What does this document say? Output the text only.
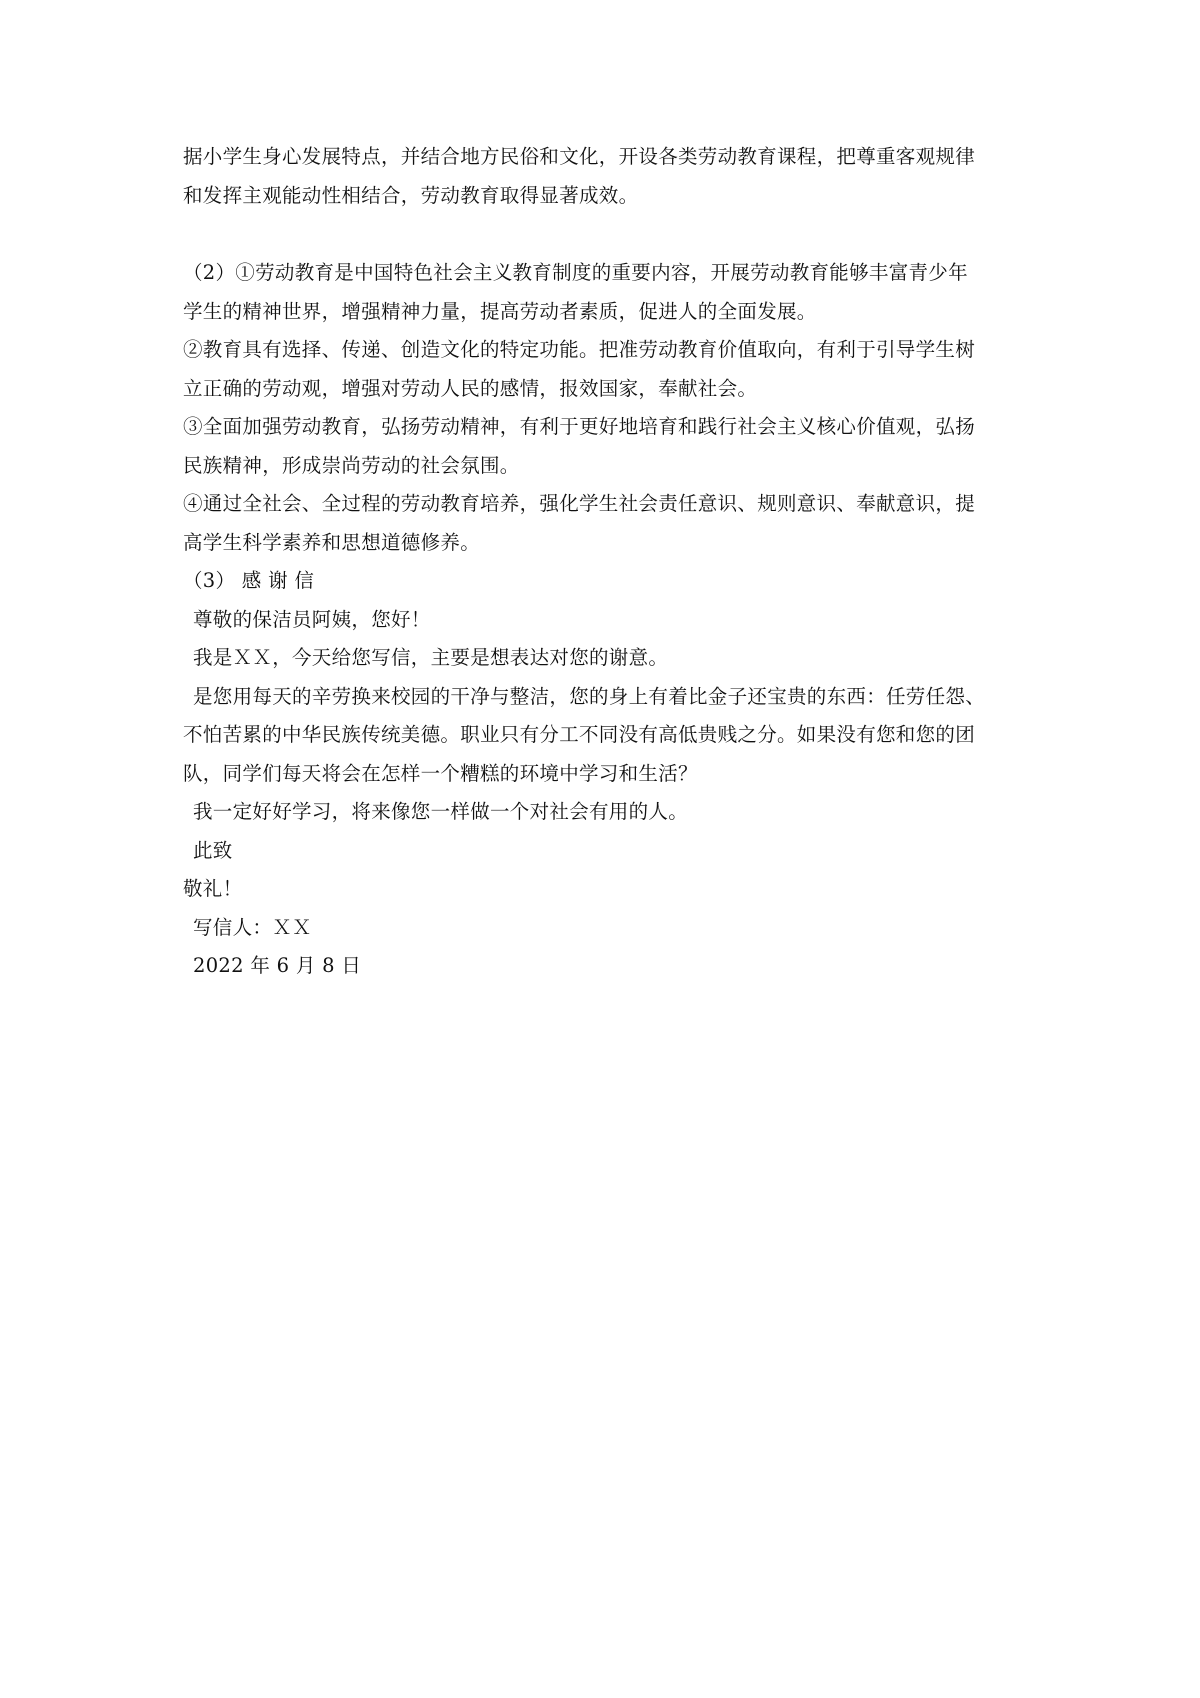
据小学生身心发展特点，并结合地方民俗和文化，开设各类劳动教育课程，把尊重客观规律

和发挥主观能动性相结合，劳动教育取得显著成效。

（2）①劳动教育是中国特色社会主义教育制度的重要内容，开展劳动教育能够丰富青少年

学生的精神世界，增强精神力量，提高劳动者素质，促进人的全面发展。

②教育具有选择、传递、创造文化的特定功能。把准劳动教育价值取向，有利于引导学生树

立正确的劳动观，增强对劳动人民的感情，报效国家，奉献社会。

③全面加强劳动教育，弘扬劳动精神，有利于更好地培育和践行社会主义核心价值观，弘扬

民族精神，形成崇尚劳动的社会氛围。

④通过全社会、全过程的劳动教育培养，强化学生社会责任意识、规则意识、奉献意识，提

高学生科学素养和思想道德修养。

（3） 感 谢 信

尊敬的保洁员阿姨，您好！

我是ＸＸ，今天给您写信，主要是想表达对您的谢意。

是您用每天的辛劳换来校园的干净与整洁，您的身上有着比金子还宝贵的东西：任劳任怨、

不怕苦累的中华民族传统美德。职业只有分工不同没有高低贵贱之分。如果没有您和您的团

队，同学们每天将会在怎样一个糟糕的环境中学习和生活？

我一定好好学习，将来像您一样做一个对社会有用的人。

此致

敬礼！

写信人：ＸＸ

2022 年 6 月 8 日
